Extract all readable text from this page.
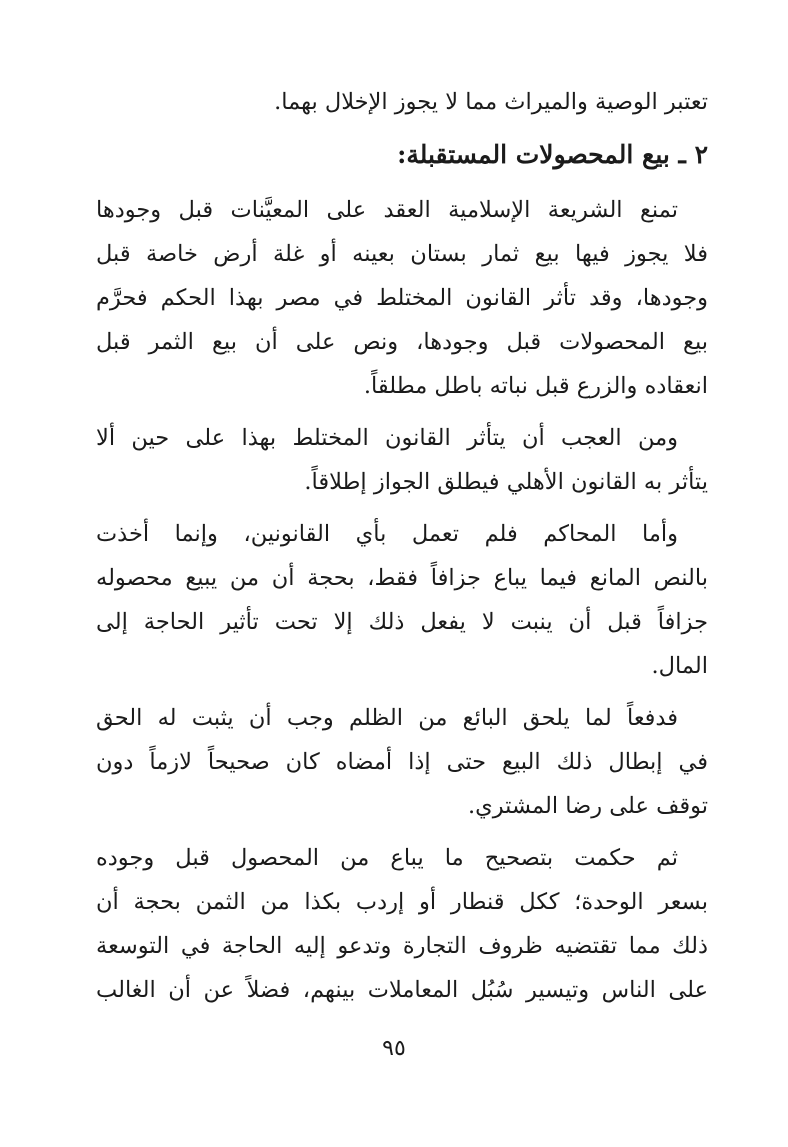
تعتبر الوصية والميراث مما لا يجوز الإخلال بهما.
٢ ـ بيع المحصولات المستقبلة:
تمنع الشريعة الإسلامية العقد على المعيَّنات قبل وجودها
فلا يجوز فيها بيع ثمار بستان بعينه أو غلة أرض خاصة قبل
وجودها، وقد تأثر القانون المختلط في مصر بهذا الحكم فحرَّم
بيع المحصولات قبل وجودها، ونص على أن بيع الثمر قبل
انعقاده والزرع قبل نباته باطل مطلقاً.
ومن العجب أن يتأثر القانون المختلط بهذا على حين ألا
يتأثر به القانون الأهلي فيطلق الجواز إطلاقاً.
وأما المحاكم فلم تعمل بأي القانونين، وإنما أخذت
بالنص المانع فيما يباع جزافاً فقط، بحجة أن من يبيع محصوله
جزافاً قبل أن ينبت لا يفعل ذلك إلا تحت تأثير الحاجة إلى
المال.
فدفعاً لما يلحق البائع من الظلم وجب أن يثبت له الحق
في إبطال ذلك البيع حتى إذا أمضاه كان صحيحاً لازماً دون
توقف على رضا المشتري.
ثم حكمت بتصحيح ما يباع من المحصول قبل وجوده
بسعر الوحدة؛ ككل قنطار أو إردب بكذا من الثمن بحجة أن
ذلك مما تقتضيه ظروف التجارة وتدعو إليه الحاجة في التوسعة
على الناس وتيسير سُبُل المعاملات بينهم، فضلاً عن أن الغالب
٩٥
